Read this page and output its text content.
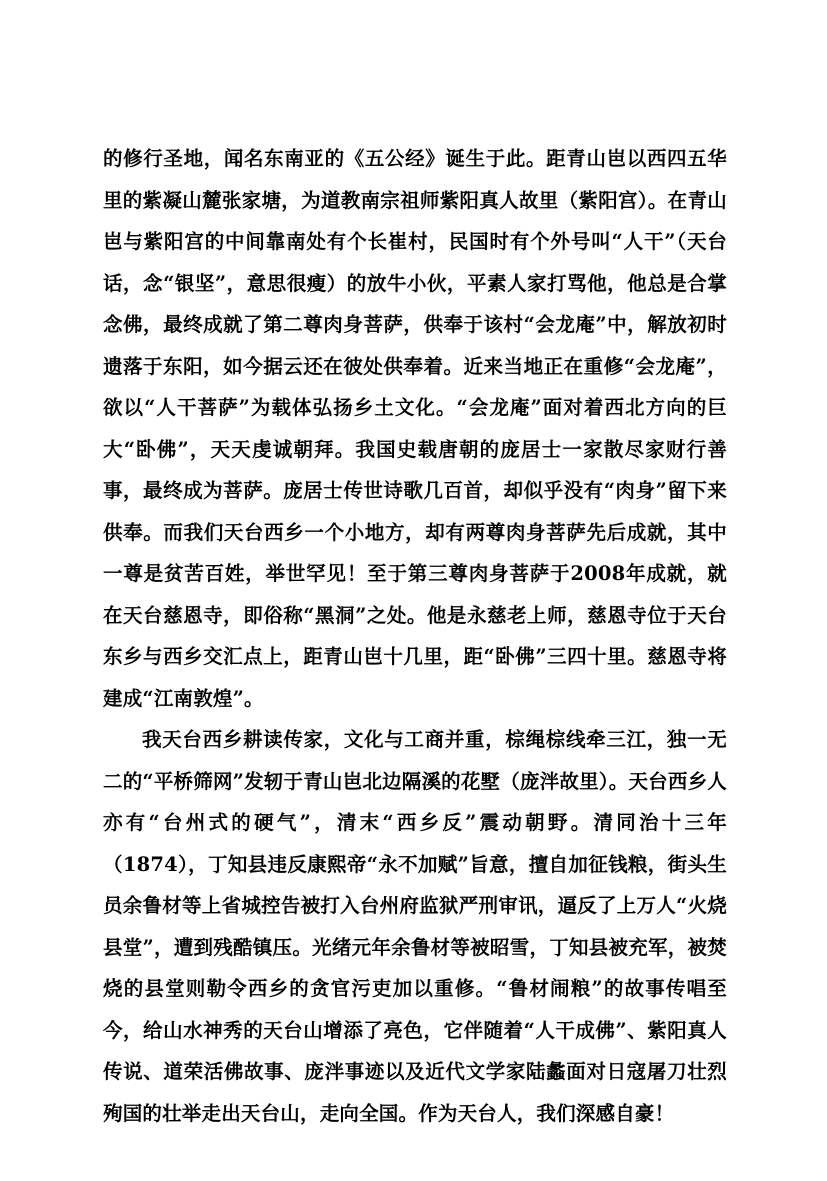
的修行圣地，闻名东南亚的《五公经》诞生于此。距青山岜以西四五华里的紫凝山麓张家塘，为道教南宗祖师紫阳真人故里（紫阳宫）。在青山岜与紫阳宫的中间靠南处有个长崔村，民国时有个外号叫“人干”（天台话，念“银坚”，意思很瘦）的放牛小伙，平素人家打骂他，他总是合掌念佛，最终成就了第二尊肉身菩萨，供奉于该村“会龙庵”中，解放初时遗落于东阳，如今据云还在彼处供奉着。近来当地正在重修“会龙庵”，欲以“人干菩萨”为载体弘扬乡土文化。“会龙庵”面对着西北方向的巨大“卧佛”，天天虔诚朝拜。我国史载唐朝的庞居士一家散尽家财行善事，最终成为菩萨。庞居士传世诗歌几百首，却似乎没有“肉身”留下来供奉。而我们天台西乡一个小地方，却有两尊肉身菩萨先后成就，其中一尊是贫苦百姓，举世罕见！至于第三尊肉身菩萨于2008年成就，就在天台慈恩寺，即俗称“黑洞”之处。他是永慈老上师，慈恩寺位于天台东乡与西乡交汇点上，距青山岜十几里，距“卧佛”三四十里。慈恩寺将建成“江南敦煌”。

我天台西乡耕读传家，文化与工商并重，棕绳棕线牵三江，独一无二的“平桥筛网”发轫于青山岜北边隔溪的花墅（庞泮故里）。天台西乡人亦有“台州式的硬气”，清末“西乡反”震动朝野。清同治十三年（1874），丁知县违反康熙帝“永不加赋”旨意，擅自加征钱粮，街头生员余鲁材等上省城控告被打入台州府监狱严刑审讯，逼反了上万人“火烧县堂”，遭到残酷镇压。光绪元年余鲁材等被昭雪，丁知县被充军，被焚烧的县堂则勒令西乡的贪官污吏加以重修。“鲁材闹粮”的故事传唱至今，给山水神秀的天台山增添了亮色，它伴随着“人干成佛”、紫阳真人传说、道荣活佛故事、庞泮事迹以及近代文学家陆蠡面对日寇屠刀壮烈殉国的壮举走出天台山，走向全国。作为天台人，我们深感自豪！
